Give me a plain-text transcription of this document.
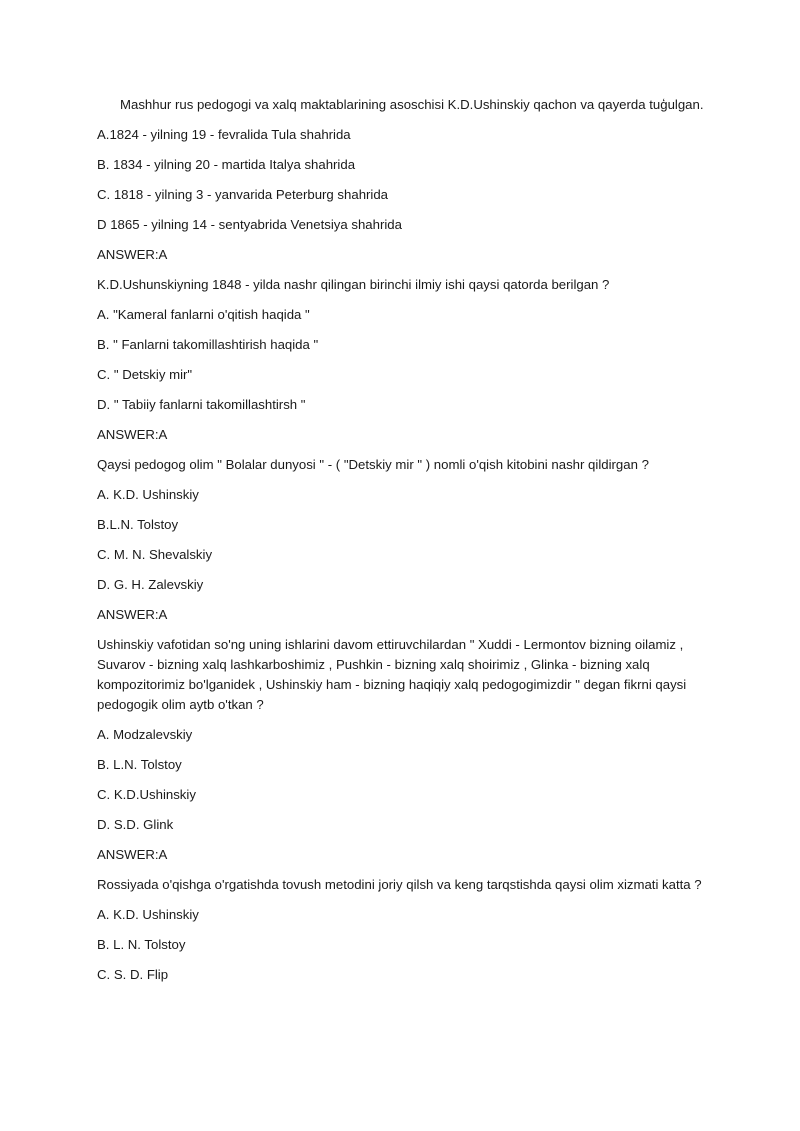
Mashhur rus pedogogi va xalq maktablarining asoschisi K.D.Ushinskiy qachon va qayerda tuģulgan.

A.1824 - yilning 19 - fevralida Tula shahrida

B. 1834 - yilning 20 - martida Italya shahrida

C. 1818 - yilning 3 - yanvarida Peterburg shahrida

D 1865 - yilning 14 - sentyabrida Venetsiya shahrida

ANSWER:A

K.D.Ushunskiyning 1848 - yilda nashr qilingan birinchi ilmiy ishi qaysi qatorda berilgan ?

A. "Kameral fanlarni o'qitish haqida "

B. " Fanlarni takomillashtirish haqida "

C. " Detskiy mir"

D. " Tabiiy fanlarni takomillashtirsh "

ANSWER:A

Qaysi pedogog olim " Bolalar dunyosi " - ( "Detskiy mir " ) nomli o'qish kitobini nashr qildirgan ?

A. K.D. Ushinskiy

B.L.N. Tolstoy

C. M. N. Shevalskiy

D. G. H. Zalevskiy

ANSWER:A

Ushinskiy vafotidan so'ng uning ishlarini davom ettiruvchilardan " Xuddi - Lermontov bizning oilamiz , Suvarov - bizning xalq lashkarboshimiz , Pushkin - bizning xalq shoirimiz , Glinka - bizning xalq kompozitorimiz bo'lganidek , Ushinskiy ham - bizning haqiqiy xalq pedogogimizdir " degan fikrni qaysi pedogogik olim aytb o'tkan ?

A. Modzalevskiy

B. L.N. Tolstoy

C. K.D.Ushinskiy

D. S.D. Glink

ANSWER:A

Rossiyada o'qishga o'rgatishda tovush metodini joriy qilsh va keng tarqstishda qaysi olim xizmati katta ?

A. K.D. Ushinskiy

B. L. N. Tolstoy

C. S. D. Flip
